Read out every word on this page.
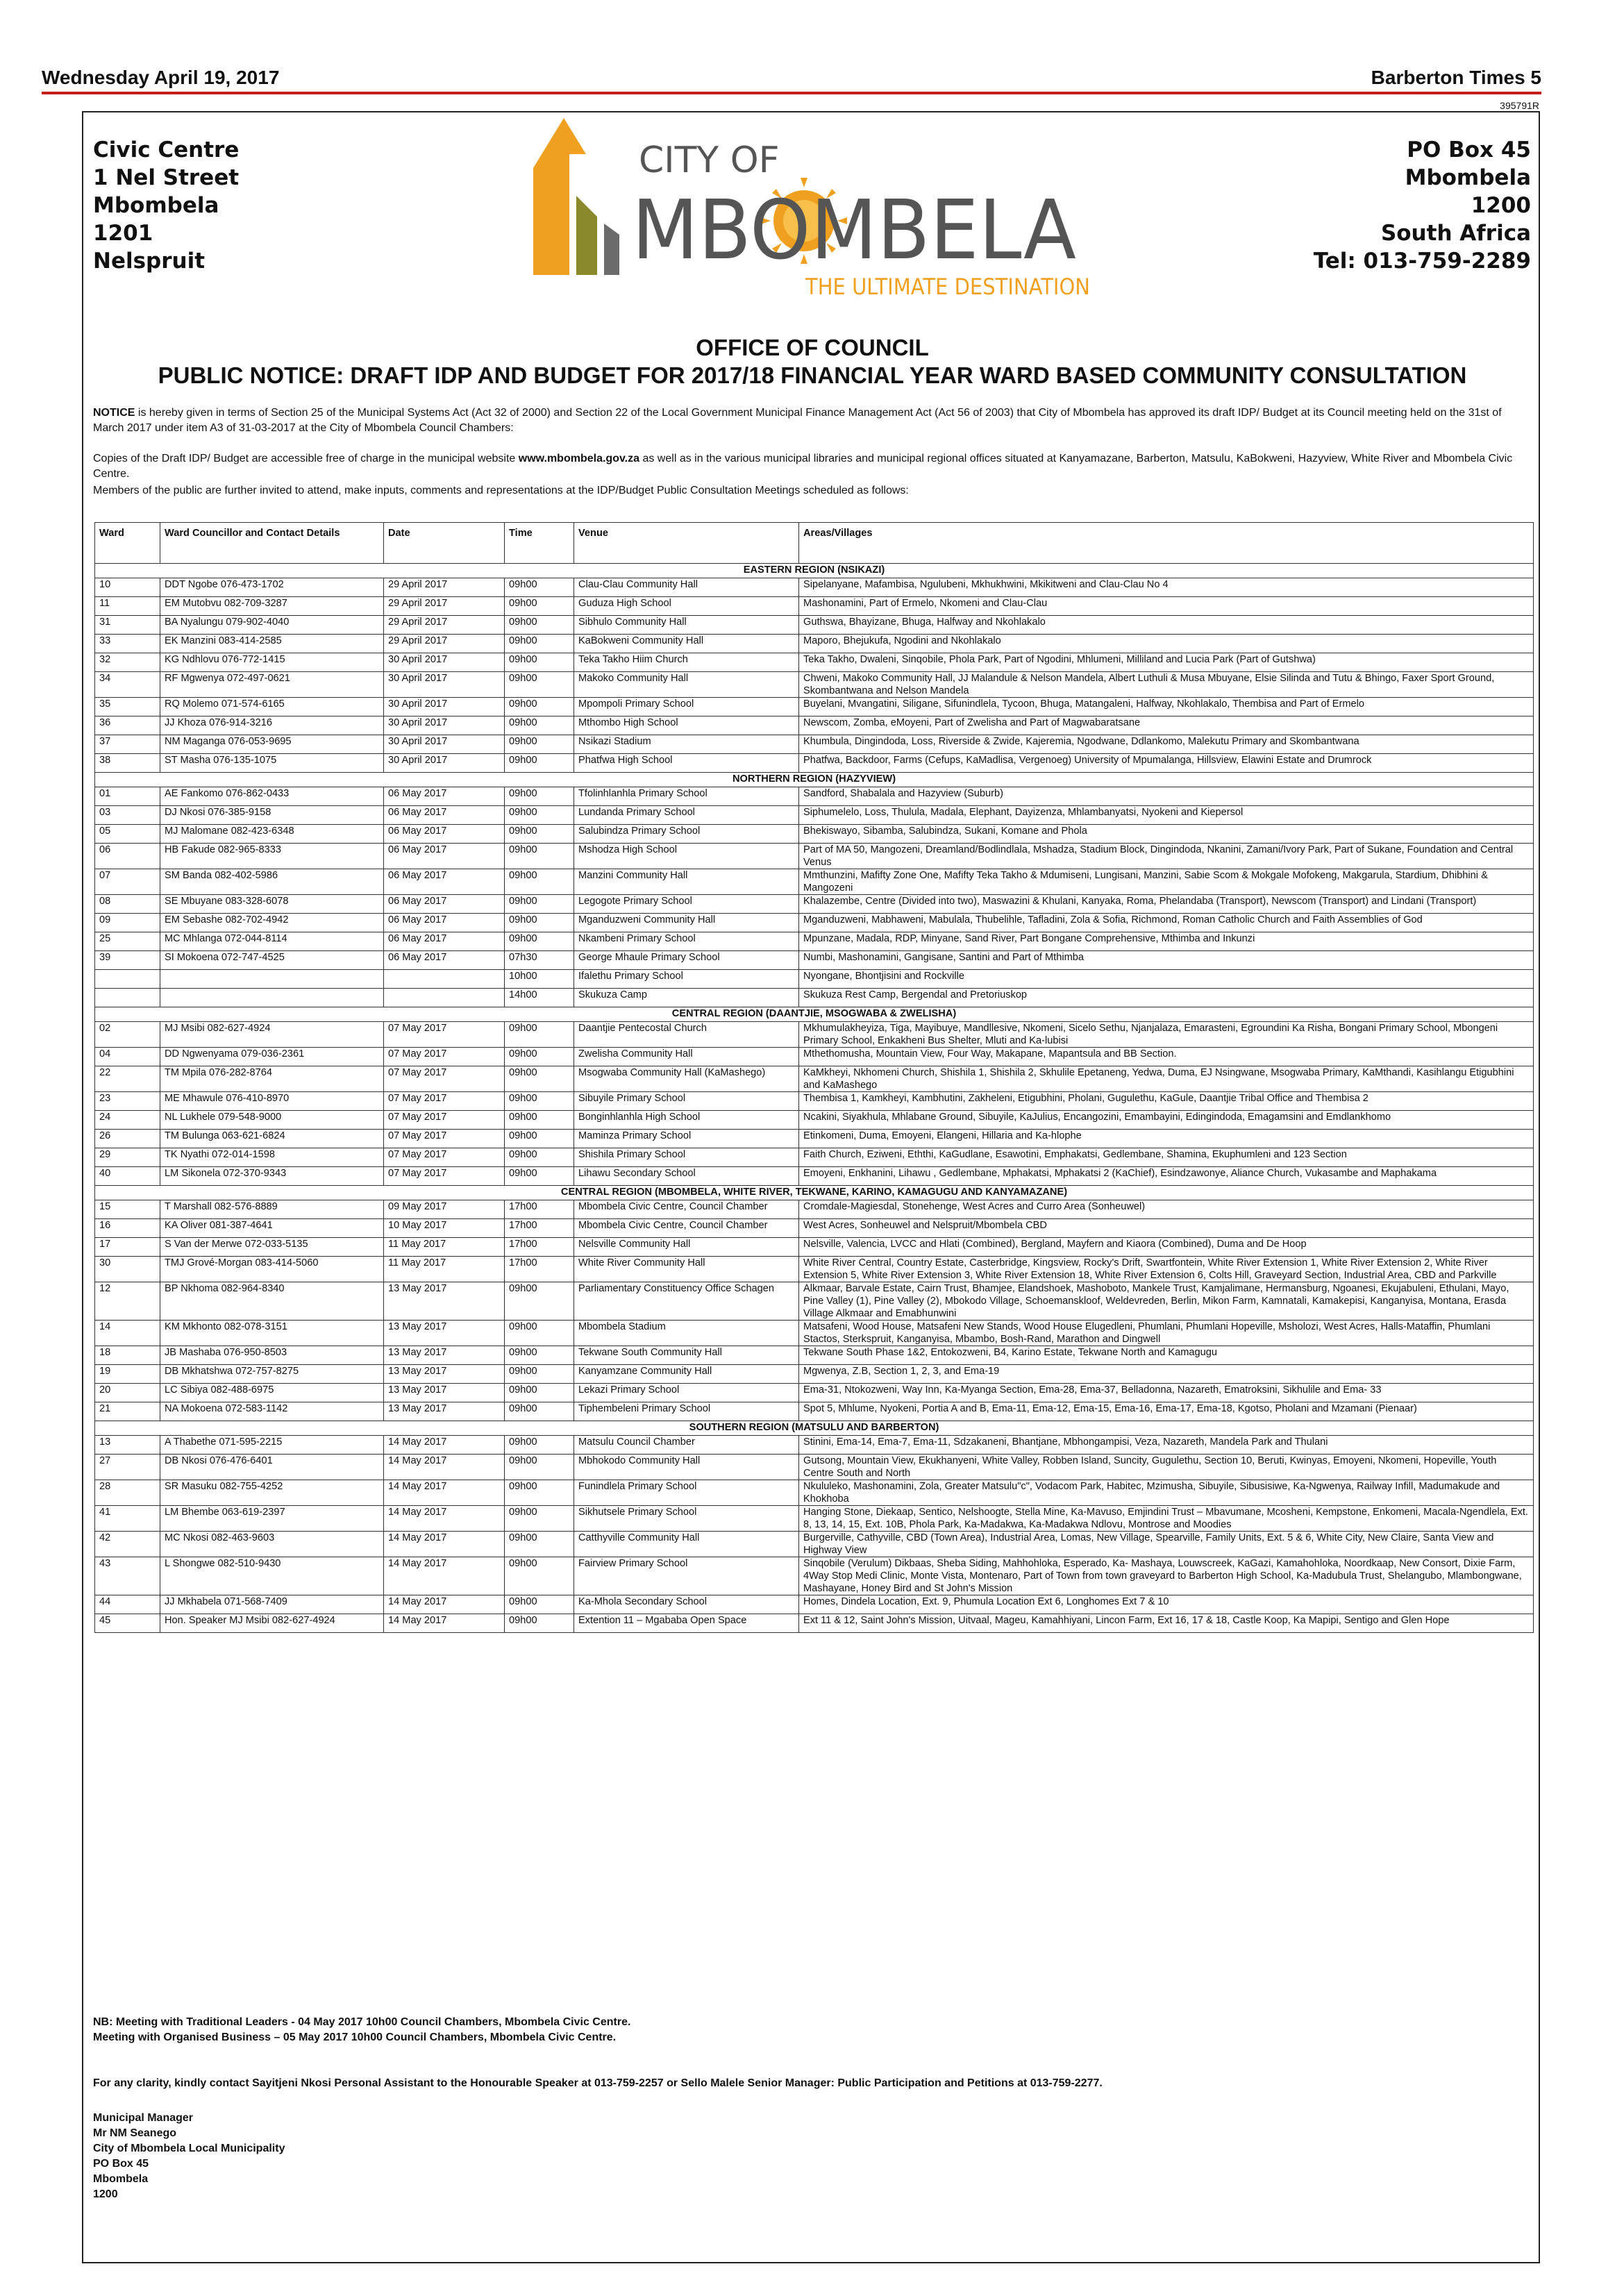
Wednesday April 19, 2017	Barberton Times 5
395791R
Civic Centre
1 Nel Street
Mbombela
1201
Nelspruit
PO Box 45
Mbombela
1200
South Africa
Tel: 013-759-2289
CITY OF
MBOMBELA
THE ULTIMATE DESTINATION
OFFICE OF COUNCIL
PUBLIC NOTICE: DRAFT IDP AND BUDGET FOR 2017/18 FINANCIAL YEAR WARD BASED COMMUNITY CONSULTATION
NOTICE is hereby given in terms of Section 25 of the Municipal Systems Act (Act 32 of 2000) and Section 22 of the Local Government Municipal Finance Management Act (Act 56 of 2003) that City of Mbombela has approved its draft IDP/ Budget at its Council meeting held on the 31st of March 2017 under item A3 of 31-03-2017 at the City of Mbombela Council Chambers:
Copies of the Draft IDP/ Budget are accessible free of charge in the municipal website www.mbombela.gov.za as well as in the various municipal libraries and municipal regional offices situated at Kanyamazane, Barberton, Matsulu, KaBokweni, Hazyview, White River and Mbombela Civic Centre.
Members of the public are further invited to attend, make inputs, comments and representations at the IDP/Budget Public Consultation Meetings scheduled as follows:
Ward	Ward Councillor and Contact Details	Date	Time	Venue	Areas/Villages
EASTERN REGION (NSIKAZI)					
10	DDT Ngobe 076-473-1702	29 April 2017	09h00	Clau-Clau Community Hall	Sipelanyane, Mafambisa, Ngulubeni, Mkhukhwini, Mkikitweni and Clau-Clau No 4
11	EM Mutobvu 082-709-3287	29 April 2017	09h00	Guduza High School	Mashonamini, Part of Ermelo, Nkomeni and Clau-Clau
31	BA Nyalungu 079-902-4040	29 April 2017	09h00	Sibhulo Community Hall	Guthswa, Bhayizane, Bhuga, Halfway and Nkohlakalo
33	EK Manzini 083-414-2585	29 April 2017	09h00	KaBokweni Community Hall	Maporo, Bhejukufa, Ngodini and Nkohlakalo
32	KG Ndhlovu 076-772-1415	30 April 2017	09h00	Teka Takho Hiim Church	Teka Takho, Dwaleni, Sinqobile, Phola Park, Part of Ngodini, Mhlumeni, Milliland and Lucia Park (Part of Gutshwa)
34	RF Mgwenya 072-497-0621	30 April 2017	09h00	Makoko Community Hall	Chweni, Makoko Community Hall, JJ Malandule & Nelson Mandela, Albert Luthuli & Musa Mbuyane, Elsie Silinda and Tutu & Bhingo, Faxer Sport Ground, Skombantwana and Nelson Mandela
35	RQ Molemo 071-574-6165	30 April 2017	09h00	Mpompoli Primary School	Buyelani, Mvangatini, Siligane, Sifunindlela, Tycoon, Bhuga, Matangaleni, Halfway, Nkohlakalo, Thembisa and Part of Ermelo
36	JJ Khoza 076-914-3216	30 April 2017	09h00	Mthombo High School	Newscom, Zomba, eMoyeni, Part of Zwelisha and Part of Magwabaratsane
37	NM Maganga 076-053-9695	30 April 2017	09h00	Nsikazi Stadium	Khumbula, Dingindoda, Loss, Riverside & Zwide, Kajeremia, Ngodwane, Ddlankomo, Malekutu Primary and Skombantwana
38	ST Masha 076-135-1075	30 April 2017	09h00	Phatfwa High School	Phatfwa, Backdoor, Farms (Cefups, KaMadlisa, Vergenoeg) University of Mpumalanga, Hillsview, Elawini Estate and Drumrock
NORTHERN REGION (HAZYVIEW)					
01	AE Fankomo 076-862-0433	06 May 2017	09h00	Tfolinhlanhla Primary School	Sandford, Shabalala and Hazyview (Suburb)
03	DJ Nkosi 076-385-9158	06 May 2017	09h00	Lundanda Primary School	Siphumelelo, Loss, Thulula, Madala, Elephant, Dayizenza, Mhlambanyatsi, Nyokeni and Kiepersol
05	MJ Malomane 082-423-6348	06 May 2017	09h00	Salubindza Primary School	Bhekiswayo, Sibamba, Salubindza, Sukani, Komane and Phola
06	HB Fakude 082-965-8333	06 May 2017	09h00	Mshodza High School	Part of MA 50, Mangozeni, Dreamland/Bodlindlala, Mshadza, Stadium Block, Dingindoda, Nkanini, Zamani/Ivory Park, Part of Sukane, Foundation and Central Venus
07	SM Banda 082-402-5986	06 May 2017	09h00	Manzini Community Hall	Mmthunzini, Mafifty Zone One, Mafifty Teka Takho & Mdumiseni, Lungisani, Manzini, Sabie Scom & Mokgale Mofokeng, Makgarula, Stardium, Dhibhini & Mangozeni
08	SE Mbuyane 083-328-6078	06 May 2017	09h00	Legogote Primary School	Khalazembe, Centre (Divided into two), Maswazini & Khulani, Kanyaka, Roma, Phelandaba (Transport), Newscom (Transport) and Lindani (Transport)
09	EM Sebashe 082-702-4942	06 May 2017	09h00	Mganduzweni Community Hall	Mganduzweni, Mabhaweni, Mabulala, Thubelihle, Tafladini, Zola & Sofia, Richmond, Roman Catholic Church and Faith Assemblies of God
25	MC Mhlanga 072-044-8114	06 May 2017	09h00	Nkambeni Primary School	Mpunzane, Madala, RDP, Minyane, Sand River, Part Bongane Comprehensive, Mthimba and Inkunzi
39	SI Mokoena 072-747-4525	06 May 2017	07h30	George Mhaule Primary School	Numbi, Mashonamini, Gangisane, Santini and Part of Mthimba
			10h00	Ifalethu Primary School	Nyongane, Bhontjisini and Rockville
			14h00	Skukuza Camp	Skukuza Rest Camp, Bergendal and Pretoriuskop
CENTRAL REGION (DAANTJIE, MSOGWABA & ZWELISHA)					
02	MJ Msibi 082-627-4924	07 May 2017	09h00	Daantjie Pentecostal Church	Mkhumulakheyiza, Tiga, Mayibuye, Mandllesive, Nkomeni, Sicelo Sethu, Njanjalaza, Emarasteni, Egroundini Ka Risha, Bongani Primary School, Mbongeni Primary School, Enkakheni Bus Shelter, Mluti and Ka-lubisi
04	DD Ngwenyama 079-036-2361	07 May 2017	09h00	Zwelisha Community Hall	Mthethomusha, Mountain View, Four Way, Makapane, Mapantsula and BB Section.
22	TM Mpila 076-282-8764	07 May 2017	09h00	Msogwaba Community Hall (KaMashego)	KaMkheyi, Nkhomeni Church, Shishila 1, Shishila 2, Skhulile Epetaneng, Yedwa, Duma, EJ Nsingwane, Msogwaba Primary, KaMthandi, Kasihlangu Etigubhini and KaMashego
23	ME Mhawule 076-410-8970	07 May 2017	09h00	Sibuyile Primary School	Thembisa 1, Kamkheyi, Kambhutini, Zakheleni, Etigubhini, Pholani, Gugulethu, KaGule, Daantjie Tribal Office and Thembisa 2
24	NL Lukhele 079-548-9000	07 May 2017	09h00	Bonginhlanhla High School	Ncakini, Siyakhula, Mhlabane Ground, Sibuyile, KaJulius, Encangozini, Emambayini, Edingindoda, Emagamsini and Emdlankhomo
26	TM Bulunga 063-621-6824	07 May 2017	09h00	Maminza Primary School	Etinkomeni, Duma, Emoyeni, Elangeni, Hillaria and Ka-hlophe
29	TK Nyathi 072-014-1598	07 May 2017	09h00	Shishila Primary School	Faith Church, Eziweni, Eththi, KaGudlane, Esawotini, Emphakatsi, Gedlembane, Shamina, Ekuphumleni and 123 Section
40	LM Sikonela 072-370-9343	07 May 2017	09h00	Lihawu Secondary School	Emoyeni, Enkhanini, Lihawu , Gedlembane, Mphakatsi, Mphakatsi 2 (KaChief), Esindzawonye, Aliance Church, Vukasambe and Maphakama
CENTRAL REGION (MBOMBELA, WHITE RIVER, TEKWANE, KARINO, KAMAGUGU AND KANYAMAZANE)					
15	T Marshall 082-576-8889	09 May 2017	17h00	Mbombela Civic Centre, Council Chamber	Cromdale-Magiesdal, Stonehenge, West Acres and Curro Area (Sonheuwel)
16	KA Oliver 081-387-4641	10 May 2017	17h00	Mbombela Civic Centre, Council Chamber	West Acres, Sonheuwel and Nelspruit/Mbombela CBD
17	S Van der Merwe 072-033-5135	11 May 2017	17h00	Nelsville Community Hall	Nelsville, Valencia, LVCC and Hlati (Combined), Bergland, Mayfern and Kiaora (Combined), Duma and De Hoop
30	TMJ Grové-Morgan 083-414-5060	11 May 2017	17h00	White River Community Hall	White River Central, Country Estate, Casterbridge, Kingsview, Rocky's Drift, Swartfontein, White River Extension 1, White River Extension 2, White River Extension 5, White River Extension 3, White River Extension 18, White River Extension 6, Colts Hill, Graveyard Section, Industrial Area, CBD and Parkville
12	BP Nkhoma 082-964-8340	13 May 2017	09h00	Parliamentary Constituency Office Schagen	Alkmaar, Barvale Estate, Cairn Trust, Bhamjee, Elandshoek, Mashoboto, Mankele Trust, Kamjalimane, Hermansburg, Ngoanesi, Ekujabuleni, Ethulani, Mayo, Pine Valley (1), Pine Valley (2), Mbokodo Village, Schoemanskloof, Weldevreden, Berlin, Mikon Farm, Kamnatali, Kamakepisi, Kanganyisa, Montana, Erasda Village Alkmaar and Emabhunwini
14	KM Mkhonto 082-078-3151	13 May 2017	09h00	Mbombela Stadium	Matsafeni, Wood House, Matsafeni New Stands, Wood House Elugedleni, Phumlani, Phumlani Hopeville, Msholozi, West Acres, Halls-Mataffin, Phumlani Stactos, Sterkspruit, Kanganyisa, Mbambo, Bosh-Rand, Marathon and Dingwell
18	JB Mashaba 076-950-8503	13 May 2017	09h00	Tekwane South Community Hall	Tekwane South Phase 1&2, Entokozweni, B4, Karino Estate, Tekwane North and Kamagugu
19	DB Mkhatshwa 072-757-8275	13 May 2017	09h00	Kanyamzane Community Hall	Mgwenya, Z.B, Section 1, 2, 3, and Ema-19
20	LC Sibiya 082-488-6975	13 May 2017	09h00	Lekazi Primary School	Ema-31, Ntokozweni, Way Inn, Ka-Myanga Section, Ema-28, Ema-37, Belladonna, Nazareth, Ematroksini, Sikhulile and Ema- 33
21	NA Mokoena 072-583-1142	13 May 2017	09h00	Tiphembeleni Primary School	Spot 5, Mhlume, Nyokeni, Portia A and B, Ema-11, Ema-12, Ema-15, Ema-16, Ema-17, Ema-18, Kgotso, Pholani and Mzamani (Pienaar)
SOUTHERN REGION (MATSULU AND BARBERTON)					
13	A Thabethe 071-595-2215	14 May 2017	09h00	Matsulu Council Chamber	Stinini, Ema-14, Ema-7, Ema-11, Sdzakaneni, Bhantjane, Mbhongampisi, Veza, Nazareth, Mandela Park and Thulani
27	DB Nkosi 076-476-6401	14 May 2017	09h00	Mbhokodo Community Hall	Gutsong, Mountain View, Ekukhanyeni, White Valley, Robben Island, Suncity, Gugulethu, Section 10, Beruti, Kwinyas, Emoyeni, Nkomeni, Hopeville, Youth Centre South and North
28	SR Masuku 082-755-4252	14 May 2017	09h00	Funindlela Primary School	Nkululeko, Mashonamini, Zola, Greater Matsulu"c", Vodacom Park, Habitec, Mzimusha, Sibuyile, Sibusisiwe, Ka-Ngwenya, Railway Infill, Madumakude and Khokhoba
41	LM Bhembe 063-619-2397	14 May 2017	09h00	Sikhutsele Primary School	Hanging Stone, Diekaap, Sentico, Nelshoogte, Stella Mine, Ka-Mavuso, Emjindini Trust – Mbavumane, Mcosheni, Kempstone, Enkomeni, Macala-Ngendlela, Ext. 8, 13, 14, 15, Ext. 10B, Phola Park, Ka-Madakwa, Ka-Madakwa Ndlovu, Montrose and Moodies
42	MC Nkosi 082-463-9603	14 May 2017	09h00	Catthyville Community Hall	Burgerville, Cathyville, CBD (Town Area), Industrial Area, Lomas, New Village, Spearville, Family Units, Ext. 5 & 6, White City, New Claire, Santa View and Highway View
43	L Shongwe 082-510-9430	14 May 2017	09h00	Fairview Primary School	Sinqobile (Verulum) Dikbaas, Sheba Siding, Mahhohloka, Esperado, Ka- Mashaya, Louwscreek, KaGazi, Kamahohloka, Noordkaap, New Consort, Dixie Farm, 4Way Stop Medi Clinic, Monte Vista, Montenaro, Part of Town from town graveyard to Barberton High School, Ka-Madubula Trust, Shelangubo, Mlambongwane, Mashayane, Honey Bird and St John's Mission
44	JJ Mkhabela 071-568-7409	14 May 2017	09h00	Ka-Mhola Secondary School	Homes, Dindela Location, Ext. 9, Phumula Location Ext 6, Longhomes Ext 7 & 10
45	Hon. Speaker MJ Msibi 082-627-4924	14 May 2017	09h00	Extention 11 – Mgababa Open Space	Ext 11 & 12, Saint John's Mission, Uitvaal, Mageu, Kamahhiyani, Lincon Farm, Ext 16, 17 & 18, Castle Koop, Ka Mapipi, Sentigo and Glen Hope
NB: Meeting with Traditional Leaders - 04 May 2017 10h00 Council Chambers, Mbombela Civic Centre.
Meeting with Organised Business – 05 May 2017 10h00 Council Chambers, Mbombela Civic Centre.
For any clarity, kindly contact Sayitjeni Nkosi Personal Assistant to the Honourable Speaker at 013-759-2257 or Sello Malele Senior Manager: Public Participation and Petitions at 013-759-2277.
Municipal Manager
Mr NM Seanego
City of Mbombela Local Municipality
PO Box 45
Mbombela
1200
